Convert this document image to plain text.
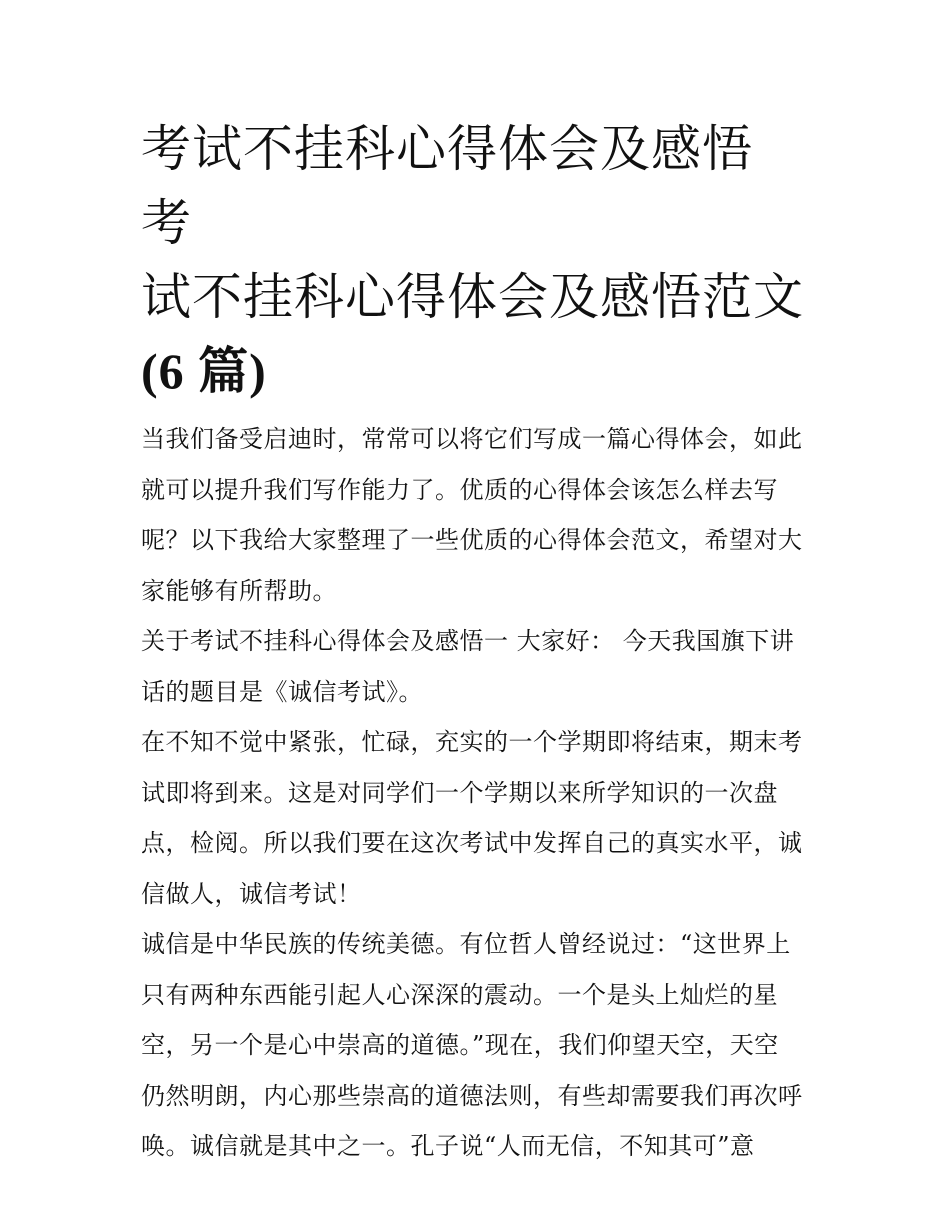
考试不挂科心得体会及感悟 考
试不挂科心得体会及感悟范文
(6 篇)

当我们备受启迪时，常常可以将它们写成一篇心得体会，如此
就可以提升我们写作能力了。优质的心得体会该怎么样去写
呢？以下我给大家整理了一些优质的心得体会范文，希望对大
家能够有所帮助。

关于考试不挂科心得体会及感悟一 大家好： 今天我国旗下讲
话的题目是《诚信考试》。

在不知不觉中紧张，忙碌，充实的一个学期即将结束，期末考
试即将到来。这是对同学们一个学期以来所学知识的一次盘
点，检阅。所以我们要在这次考试中发挥自己的真实水平，诚
信做人，诚信考试！

诚信是中华民族的传统美德。有位哲人曾经说过：“这世界上
只有两种东西能引起人心深深的震动。一个是头上灿烂的星
空，另一个是心中崇高的道德。”现在，我们仰望天空，天空
仍然明朗，内心那些崇高的道德法则，有些却需要我们再次呼
唤。诚信就是其中之一。孔子说“人而无信，不知其可”意
